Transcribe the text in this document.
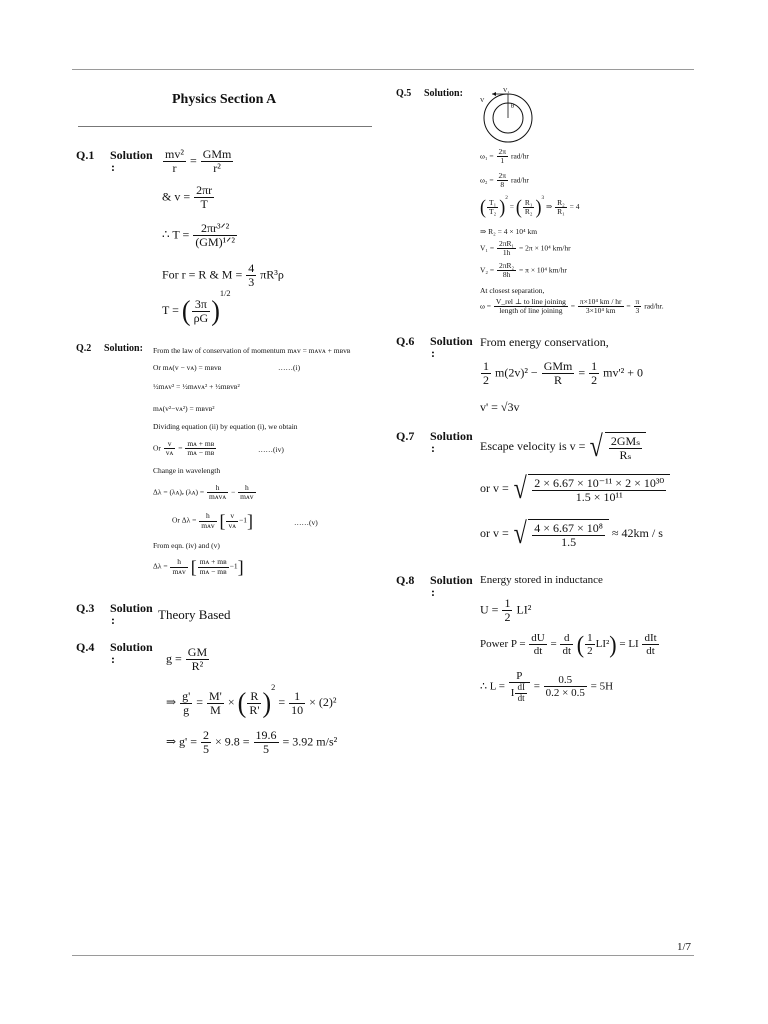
Physics Section A
Q.1 Solution
:	$\frac{\text{mv²}}{r} = \frac{\text{GMm}}{\text{r²}}$
& $v = \frac{2\pi r}{T}$
∴ $T = \frac{\text{2πr³ᐟ²}}{\text{(GM)¹ᐟ²}}$
For r = R & $M = \frac{4}{3} \pi R^3\rho$
T = ( $\frac{3\pi}{\rho G} )^{1/2}$
Q.2 Solution: From the law of conservation of momentum mᴀv = mᴀvᴀ + mʙvʙ
Or mᴀ(v − vᴀ) = mʙvʙ	……(i)
½mᴀv² = ½mᴀvᴀ² + ½mʙvʙ²
mᴀ(v²−vᴀ²) = mʙvʙ²
Dividing equation (ii) by equation (i), we obtain
Or $\frac{v}{\text{vᴀ}} = \frac{\text{mᴀ + mʙ}}{\text{mᴀ − mʙ}}$	……(iv)
Change in wavelength
Δλ = (λᴀ)ₑ (λᴀ) = $\frac{h}{\text{mᴀvᴀ}} - \frac{h}{\text{mᴀv}}$
Or $\Delta\lambda = \frac{h}{\text{mᴀv}}$ [ $\frac{v}{\text{vᴀ}} -1$]	……(v)
From eqn. (iv) and (v)
$\Delta\lambda = \frac{h}{\text{mᴀv}}$ [ $\frac{\text{mᴀ + mʙ}}{\text{mᴀ − mʙ}} -1$]
Q.3 Solution
:	Theory Based
Q.4 Solution
:	$g = \frac{GM}{\text{R²}}$
⇒ $\frac{g'}{g} = \frac{M'}{M}$ × ( $\frac{R}{R'} )^2 = \frac{1}{10} \times (2)^2$
⇒ $g' = \frac{2}{5} \times 9.8 = \frac{19.6}{5} = 3.92$ m/s²
Q.5 Solution:	V₁
V
θ
$\omega_1 = \frac{2\pi}{1} rad/hr$
$\omega_2 = \frac{2\pi}{8} rad/hr$
( $\frac{\text{T₁}}{\text{T₂}} )^2$ = ( $\frac{\text{R₁}}{\text{R₂}} )^3$ ⇒ $\frac{\text{R₂}}{\text{R₁}} = 4$
⇒ R₂ = 4 × 10⁴ km
$V_1 = \frac{\text{2πR₁}}{1h} = 2\pi \times 10^4$ km/hr
$V_2 = \frac{\text{2πR₂}}{8h} = \pi \times 10^4$ km/hr
At closest separation,
$\omega = \frac{\text{V\_rel ⊥ to line joining}}{\text{length of line joining}} = \frac{\text{π×10⁴ km / hr}}{\text{3×10⁴ km}} = \frac{\pi}{3} rad/hr$.
Q.6 Solution
:
From energy conservation,
$\frac{1}{2} m(2v)^2 - \frac{\text{GMm}}{R} = \frac{1}{2} mv'^2 + 0$
v' = √3v
Q.7 Solution
:	Escape velocity is v = √ $\frac{\text{2GMₛ}}{\text{Rₛ}}$
or v = √ $\frac{\text{2 × 6.67 × 10⁻¹¹ × 2 × 10³⁰}}{\text{1.5 × 10¹¹}}$
or v = √ $\frac{\text{4 × 6.67 × 10⁸}}{1.5} \approx 42km / s$
Q.8 Solution
:
Energy stored in inductance
$U = \frac{1}{2} LI^2$
Power $P = \frac{dU}{dt} = \frac{d}{dt}$ ( $\frac{1}{2} LI^2$) = LI $\frac{\text{dIt}}{dt}$
∴ $L = \frac{P}{I \frac{dI}{dt}} = \frac{0.5}{0.2 \times 0.5} = 5H$
1/7
